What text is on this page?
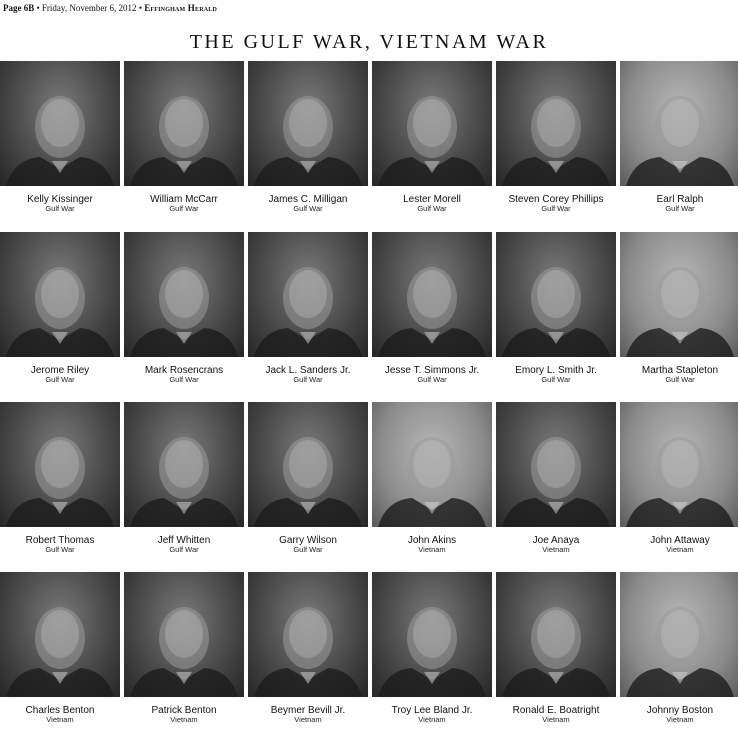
Page 6B • Friday, November 6, 2012 • Effingham Herald
THE GULF WAR, VIETNAM WAR
Kelly Kissinger
Gulf War
William McCarr
Gulf War
James C. Milligan
Gulf War
Lester Morell
Gulf War
Steven Corey Phillips
Gulf War
Earl Ralph
Gulf War
Jerome Riley
Gulf War
Mark Rosencrans
Gulf War
Jack L. Sanders Jr.
Gulf War
Jesse T. Simmons Jr.
Gulf War
Emory L. Smith Jr.
Gulf War
Martha Stapleton
Gulf War
Robert Thomas
Gulf War
Jeff Whitten
Gulf War
Garry Wilson
Gulf War
John Akins
Vietnam
Joe Anaya
Vietnam
John Attaway
Vietnam
Charles Benton
Vietnam
Patrick Benton
Vietnam
Beymer Bevill Jr.
Vietnam
Troy Lee Bland Jr.
Vietnam
Ronald E. Boatright
Vietnam
Johnny Boston
Vietnam
